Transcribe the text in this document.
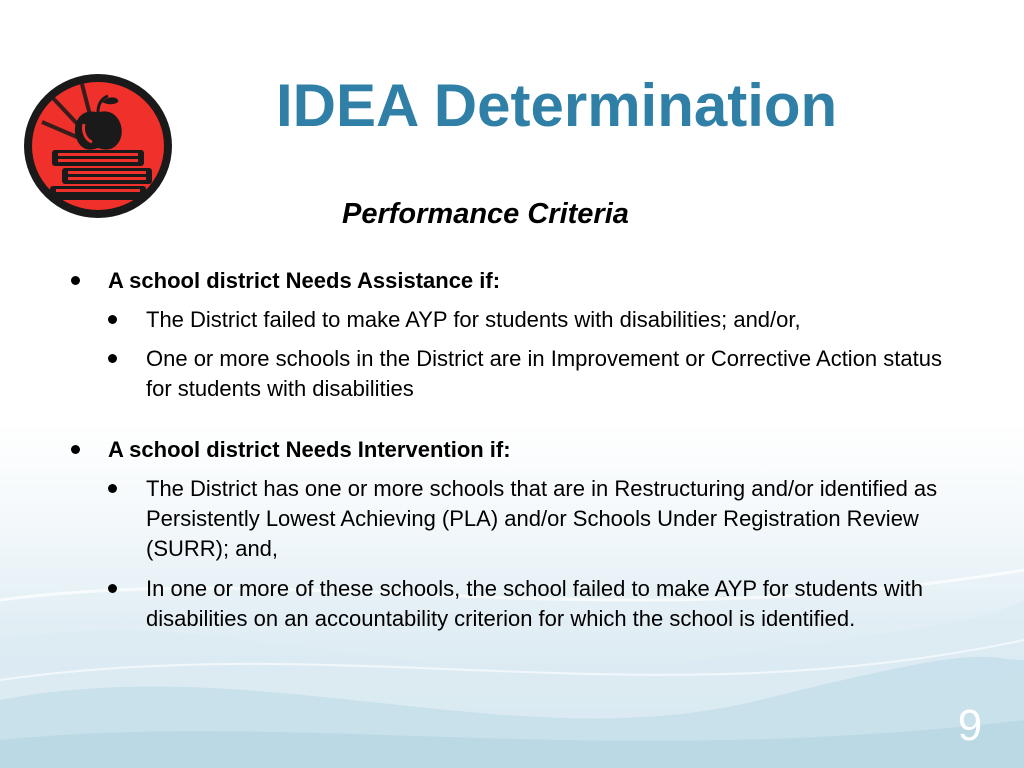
IDEA Determination
Performance Criteria
A school district Needs Assistance if:
The District failed to make AYP for students with disabilities; and/or,
One or more schools in the District are in Improvement or Corrective Action status for students with disabilities
A school district Needs Intervention if:
The District has one or more schools that are in Restructuring and/or identified as Persistently Lowest Achieving (PLA) and/or Schools Under Registration Review (SURR); and,
In one or more of these schools, the school failed to make AYP for students with disabilities on an accountability criterion for which the school is identified.
9
